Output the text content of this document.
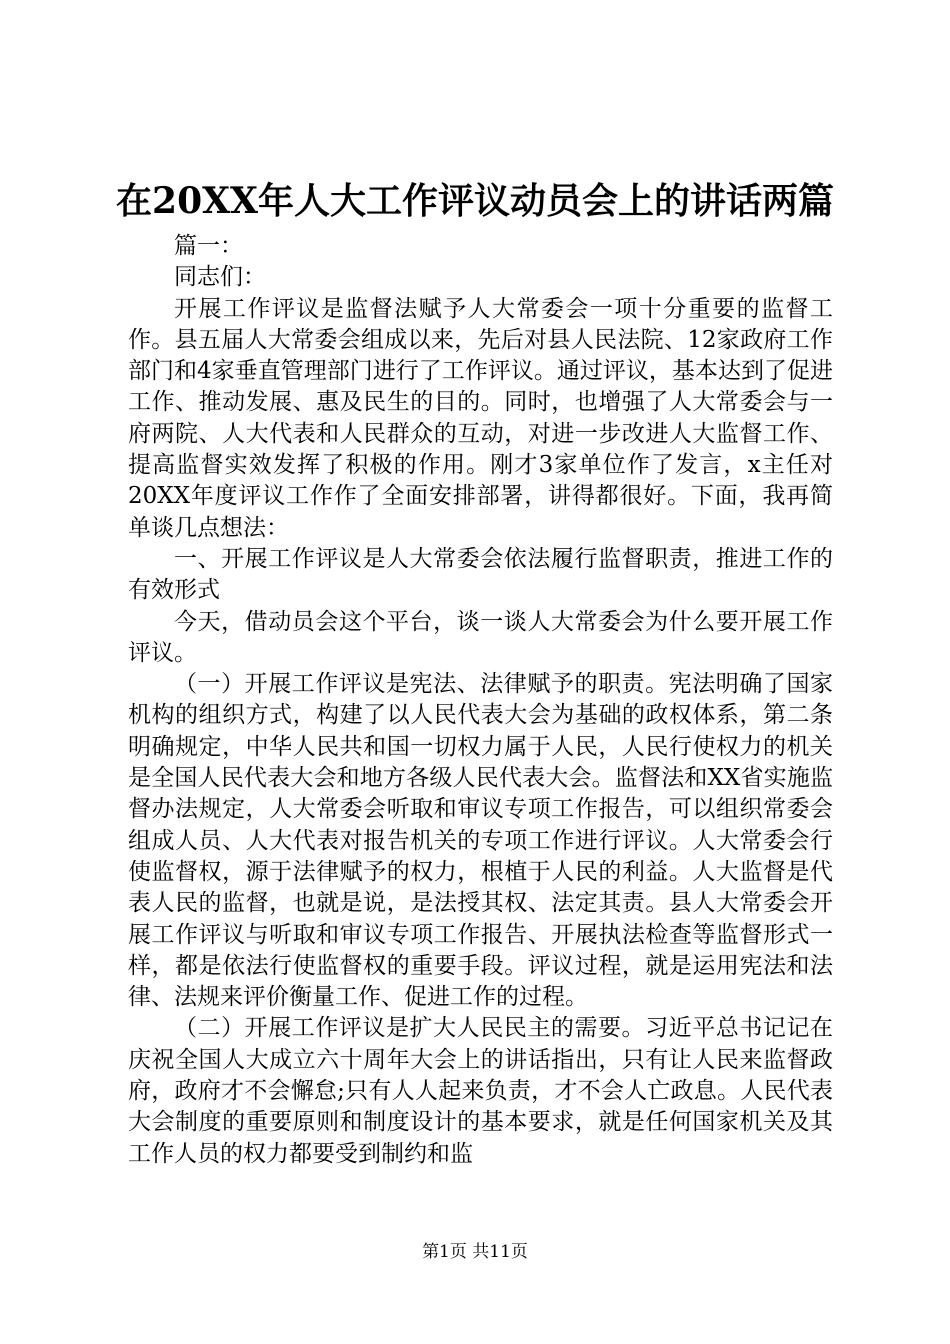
在20XX年人大工作评议动员会上的讲话两篇

篇一：

同志们：

开展工作评议是监督法赋予人大常委会一项十分重要的监督工作。县五届人大常委会组成以来，先后对县人民法院、12家政府工作部门和4家垂直管理部门进行了工作评议。通过评议，基本达到了促进工作、推动发展、惠及民生的目的。同时，也增强了人大常委会与一府两院、人大代表和人民群众的互动，对进一步改进人大监督工作、提高监督实效发挥了积极的作用。刚才3家单位作了发言，x主任对20XX年度评议工作作了全面安排部署，讲得都很好。下面，我再简单谈几点想法：

一、开展工作评议是人大常委会依法履行监督职责，推进工作的有效形式

今天，借动员会这个平台，谈一谈人大常委会为什么要开展工作评议。

（一）开展工作评议是宪法、法律赋予的职责。宪法明确了国家机构的组织方式，构建了以人民代表大会为基础的政权体系，第二条明确规定，中华人民共和国一切权力属于人民，人民行使权力的机关是全国人民代表大会和地方各级人民代表大会。监督法和XX省实施监督办法规定，人大常委会听取和审议专项工作报告，可以组织常委会组成人员、人大代表对报告机关的专项工作进行评议。人大常委会行使监督权，源于法律赋予的权力，根植于人民的利益。人大监督是代表人民的监督，也就是说，是法授其权、法定其责。县人大常委会开展工作评议与听取和审议专项工作报告、开展执法检查等监督形式一样，都是依法行使监督权的重要手段。评议过程，就是运用宪法和法律、法规来评价衡量工作、促进工作的过程。

（二）开展工作评议是扩大人民民主的需要。习近平总书记记在庆祝全国人大成立六十周年大会上的讲话指出，只有让人民来监督政府，政府才不会懈怠;只有人人起来负责，才不会人亡政息。人民代表大会制度的重要原则和制度设计的基本要求，就是任何国家机关及其工作人员的权力都要受到制约和监

第1页 共11页
